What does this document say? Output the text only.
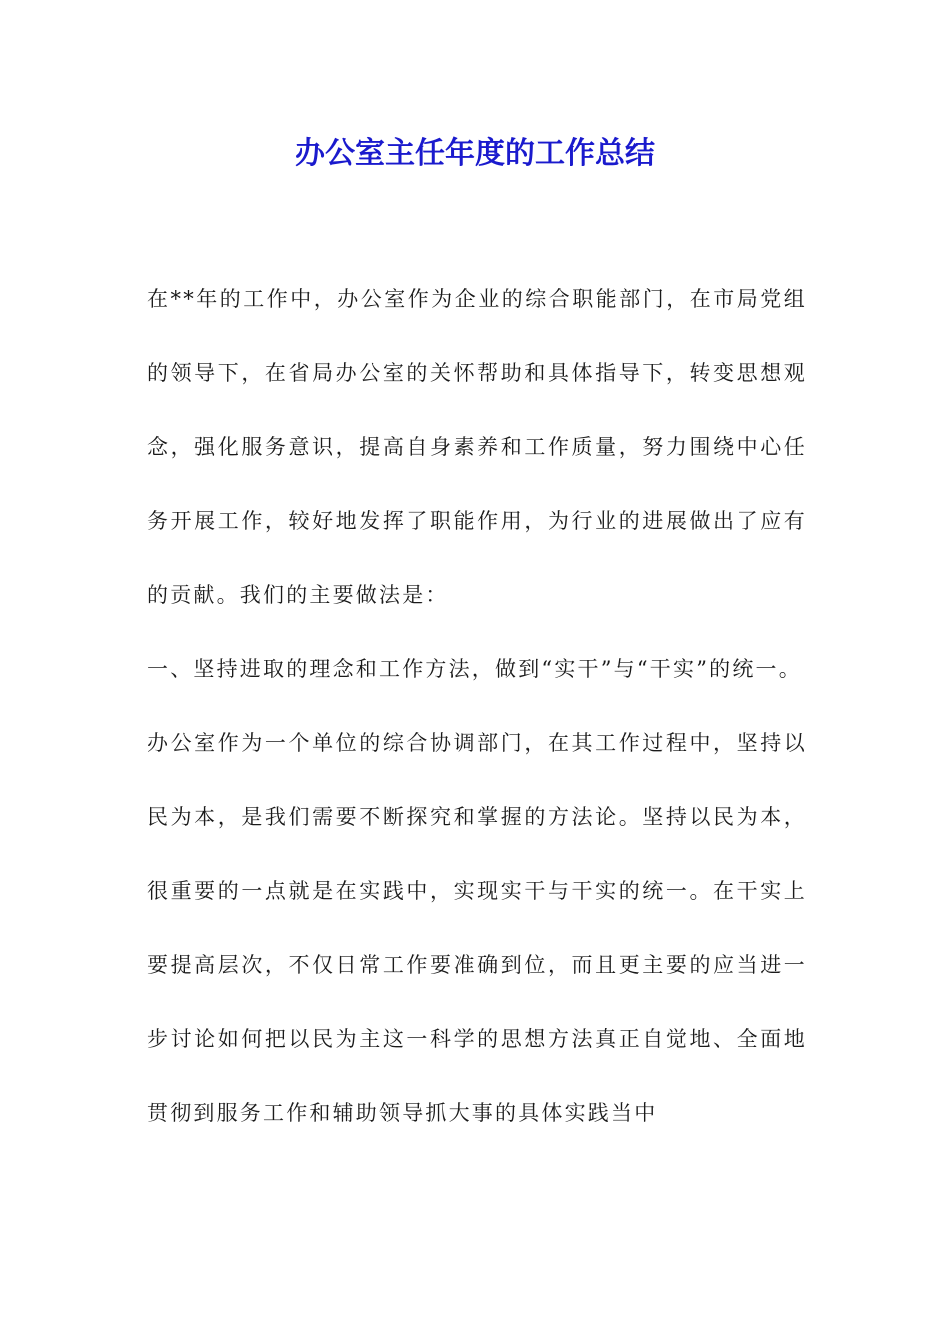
办公室主任年度的工作总结

在**年的工作中，办公室作为企业的综合职能部门，在市局党组的领导下，在省局办公室的关怀帮助和具体指导下，转变思想观念，强化服务意识，提高自身素养和工作质量，努力围绕中心任务开展工作，较好地发挥了职能作用，为行业的进展做出了应有的贡献。我们的主要做法是：

一、坚持进取的理念和工作方法，做到“实干”与“干实”的统一。

办公室作为一个单位的综合协调部门，在其工作过程中，坚持以民为本，是我们需要不断探究和掌握的方法论。坚持以民为本，很重要的一点就是在实践中，实现实干与干实的统一。在干实上要提高层次，不仅日常工作要准确到位，而且更主要的应当进一步讨论如何把以民为主这一科学的思想方法真正自觉地、全面地贯彻到服务工作和辅助领导抓大事的具体实践当中
